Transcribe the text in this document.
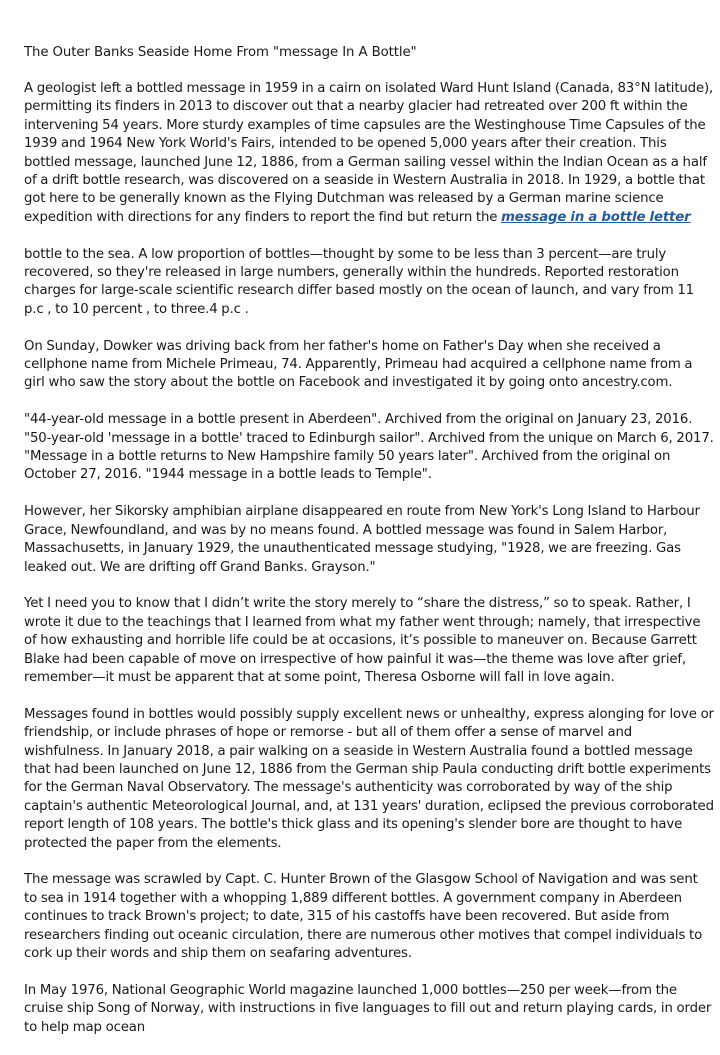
The Outer Banks Seaside Home From "message In A Bottle"

A geologist left a bottled message in 1959 in a cairn on isolated Ward Hunt Island (Canada, 83°N latitude), permitting its finders in 2013 to discover out that a nearby glacier had retreated over 200 ft within the intervening 54 years. More sturdy examples of time capsules are the Westinghouse Time Capsules of the 1939 and 1964 New York World's Fairs, intended to be opened 5,000 years after their creation. This bottled message, launched June 12, 1886, from a German sailing vessel within the Indian Ocean as a half of a drift bottle research, was discovered on a seaside in Western Australia in 2018. In 1929, a bottle that got here to be generally known as the Flying Dutchman was released by a German marine science expedition with directions for any finders to report the find but return the message in a bottle letter

bottle to the sea. A low proportion of bottles—thought by some to be less than 3 percent—are truly recovered, so they're released in large numbers, generally within the hundreds. Reported restoration charges for large-scale scientific research differ based mostly on the ocean of launch, and vary from 11 p.c , to 10 percent , to three.4 p.c .

On Sunday, Dowker was driving back from her father's home on Father's Day when she received a cellphone name from Michele Primeau, 74. Apparently, Primeau had acquired a cellphone name from a girl who saw the story about the bottle on Facebook and investigated it by going onto ancestry.com.

"44-year-old message in a bottle present in Aberdeen". Archived from the original on January 23, 2016. "50-year-old 'message in a bottle' traced to Edinburgh sailor". Archived from the unique on March 6, 2017. "Message in a bottle returns to New Hampshire family 50 years later". Archived from the original on October 27, 2016. "1944 message in a bottle leads to Temple".

However, her Sikorsky amphibian airplane disappeared en route from New York's Long Island to Harbour Grace, Newfoundland, and was by no means found. A bottled message was found in Salem Harbor, Massachusetts, in January 1929, the unauthenticated message studying, "1928, we are freezing. Gas leaked out. We are drifting off Grand Banks. Grayson."

Yet I need you to know that I didn’t write the story merely to “share the distress,” so to speak. Rather, I wrote it due to the teachings that I learned from what my father went through; namely, that irrespective of how exhausting and horrible life could be at occasions, it’s possible to maneuver on. Because Garrett Blake had been capable of move on irrespective of how painful it was—the theme was love after grief, remember—it must be apparent that at some point, Theresa Osborne will fall in love again.

Messages found in bottles would possibly supply excellent news or unhealthy, express alonging for love or friendship, or include phrases of hope or remorse - but all of them offer a sense of marvel and wishfulness. In January 2018, a pair walking on a seaside in Western Australia found a bottled message that had been launched on June 12, 1886 from the German ship Paula conducting drift bottle experiments for the German Naval Observatory. The message's authenticity was corroborated by way of the ship captain's authentic Meteorological Journal, and, at 131 years' duration, eclipsed the previous corroborated report length of 108 years. The bottle's thick glass and its opening's slender bore are thought to have protected the paper from the elements.

The message was scrawled by Capt. C. Hunter Brown of the Glasgow School of Navigation and was sent to sea in 1914 together with a whopping 1,889 different bottles. A government company in Aberdeen continues to track Brown's project; to date, 315 of his castoffs have been recovered. But aside from researchers finding out oceanic circulation, there are numerous other motives that compel individuals to cork up their words and ship them on seafaring adventures.

In May 1976, National Geographic World magazine launched 1,000 bottles—250 per week—from the cruise ship Song of Norway, with instructions in five languages to fill out and return playing cards, in order to help map ocean
